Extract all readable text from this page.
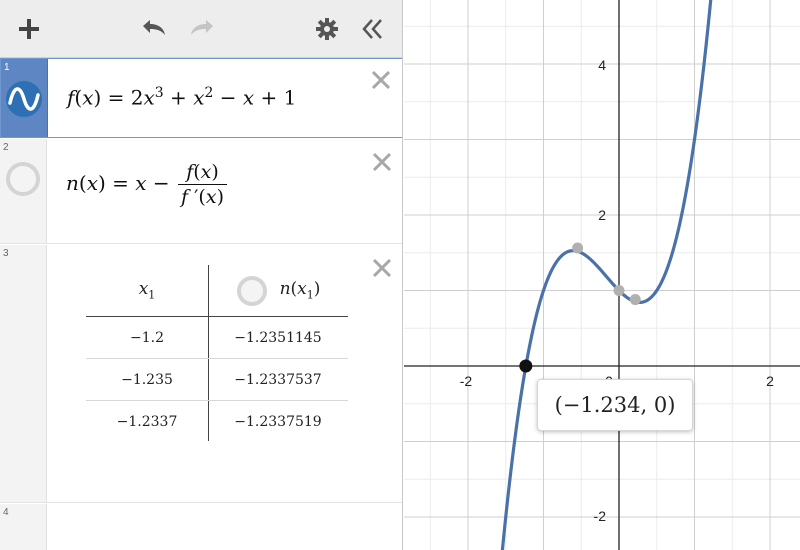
1
$f(x) = 2x^3 + x^2 - x + 1$
2
$n(x) = x - \frac{f(x)}{f '(x)}$
3
$x_1$	$n(x_1)$
−1.2	−1.2351145
−1.235	−1.2337537
−1.2337	−1.2337519
4
-2	2
4
2
-2
(−1.234, 0)
